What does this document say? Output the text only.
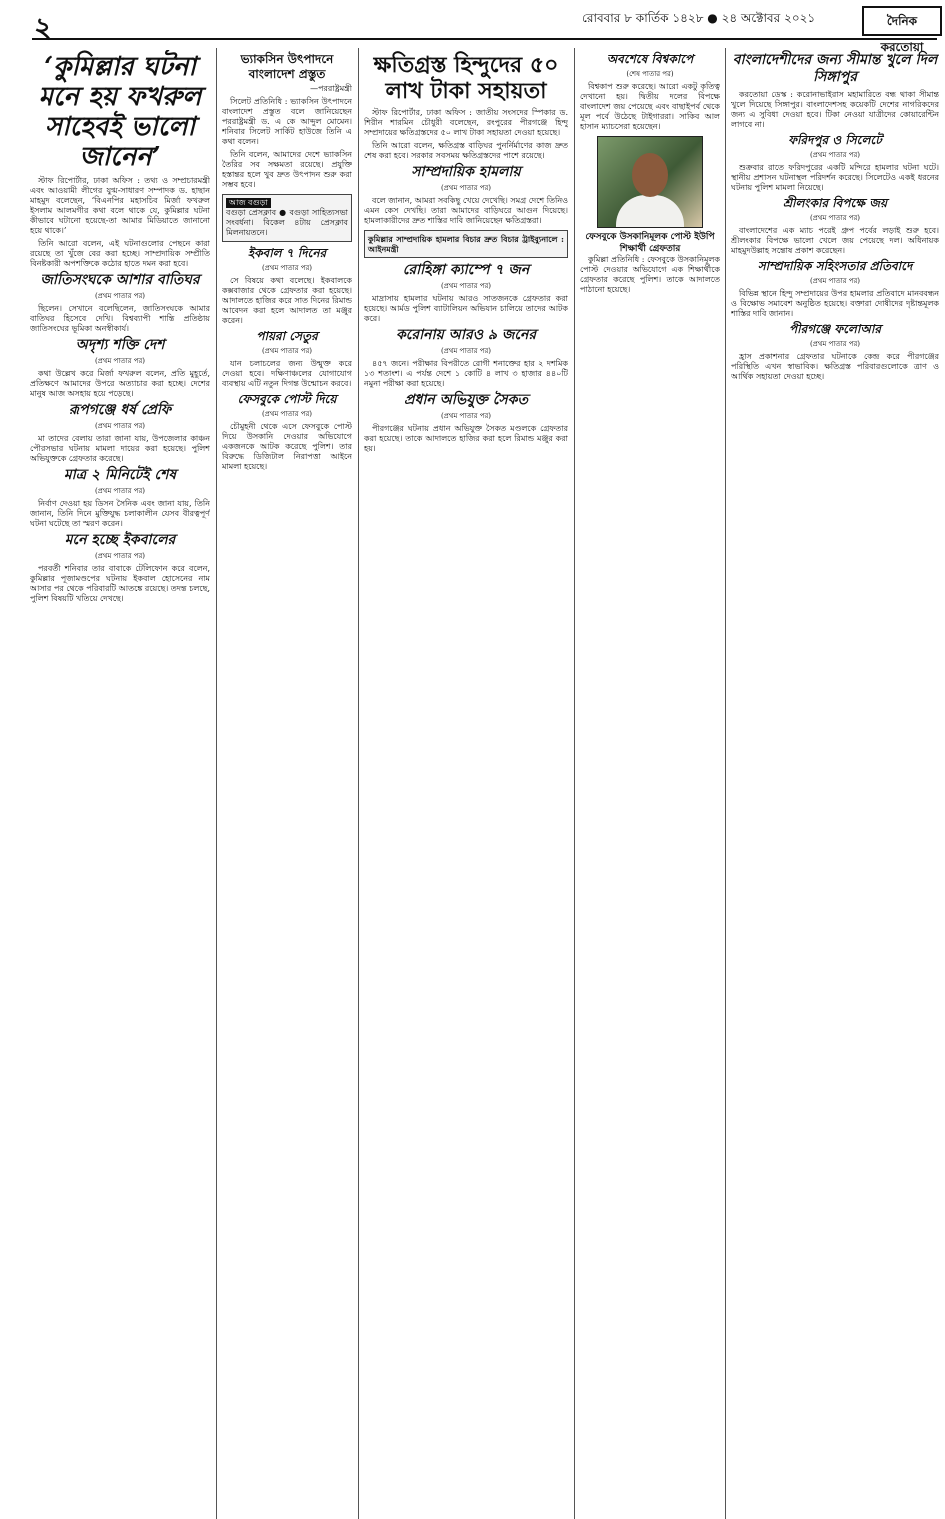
২	রোববার ৮ কার্তিক ১৪২৮ ● ২৪ অক্টোবর ২০২১	দৈনিক করতোয়া
‘কুমিল্লার ঘটনা মনে হয় ফখরুল সাহেবই ভালো জানেন’

স্টাফ রিপোর্টার, ঢাকা অফিস : তথ্য ও সম্প্রচারমন্ত্রী এবং আওয়ামী লীগের যুগ্ম-সাধারণ সম্পাদক ড. হাছান মাহমুদ বলেছেন, ‘বিএনপির মহাসচিব মির্জা ফখরুল ইসলাম আলমগীর কথা বলে থাকে যে, কুমিল্লার ঘটনা কীভাবে ঘটানো হয়েছে-তা আমার মিডিয়াতে জানানো হয়ে থাকে।’

তিনি আরো বলেন, এই ঘটনাগুলোর পেছনে কারা রয়েছে তা খুঁজে বের করা হচ্ছে। সাম্প্রদায়িক সম্প্রীতি বিনষ্টকারী অপশক্তিকে কঠোর হাতে দমন করা হবে।

জাতিসংঘকে আশার বাতিঘর
(প্রথম পাতার পর)

ছিলেন। সেখানে বলেছিলেন, জাতিসংঘকে আমার বাতিঘর হিসেবে দেখি। বিশ্বব্যাপী শান্তি প্রতিষ্ঠায় জাতিসংঘের ভূমিকা অনস্বীকার্য।

অদৃশ্য শক্তি দেশ
(প্রথম পাতার পর)

কথা উল্লেখ করে মির্জা ফখরুল বলেন, প্রতি মুহূর্তে, প্রতিক্ষণে আমাদের উপরে অত্যাচার করা হচ্ছে। দেশের মানুষ আজ অসহায় হয়ে পড়েছে।

রূপগঞ্জে ধর্ষ প্রেফি
(প্রথম পাতার পর)

মা তাদের বেলায় তারা জানা যায়, উপজেলার কাঞ্চন পৌরসভার ঘটনায় মামলা দায়ের করা হয়েছে। পুলিশ অভিযুক্তকে গ্রেফতার করেছে।

মাত্র ২ মিনিটেই শেষ
(প্রথম পাতার পর)

নির্বাণ দেওয়া হয় ডিসন সৈনিক এবং জানা যায়, তিনি জানান, তিনি দিনে মুক্তিযুদ্ধ চলাকালীন যেসব বীরত্বপূর্ণ ঘটনা ঘটেছে তা স্মরণ করেন।

মনে হচ্ছে ইকবালের
(প্রথম পাতার পর)

পরবর্তী শনিবার তার বাবাকে টেলিফোন করে বলেন, কুমিল্লার পূজামণ্ডপের ঘটনায় ইকবাল হোসেনের নাম আসার পর থেকে পরিবারটি আতঙ্কে রয়েছে। তদন্ত চলছে, পুলিশ বিষয়টি খতিয়ে দেখছে।

ভ্যাকসিন উৎপাদনে বাংলাদেশ প্রস্তুত
—পররাষ্ট্রমন্ত্রী

সিলেট প্রতিনিধি : ভ্যাকসিন উৎপাদনে বাংলাদেশ প্রস্তুত বলে জানিয়েছেন পররাষ্ট্রমন্ত্রী ড. এ কে আব্দুল মোমেন। শনিবার সিলেট সার্কিট হাউজে তিনি এ কথা বলেন।

তিনি বলেন, আমাদের দেশে ভ্যাকসিন তৈরির সব সক্ষমতা রয়েছে। প্রযুক্তি হস্তান্তর হলে খুব দ্রুত উৎপাদন শুরু করা সম্ভব হবে।

আজ বগুড়া
বগুড়া প্রেসক্লাব ● বগুড়া সাহিত্যসভা সংবর্ধনা। বিকেল ৪টায় প্রেসক্লাব মিলনায়তনে।
ইকবাল ৭ দিনের
(প্রথম পাতার পর)

সে বিষয়ে কথা বলেছে। ইকবালকে কক্সবাজার থেকে গ্রেফতার করা হয়েছে। আদালতে হাজির করে সাত দিনের রিমান্ড আবেদন করা হলে আদালত তা মঞ্জুর করেন।

পায়রা সেতুর
(প্রথম পাতার পর)

যান চলাচলের জন্য উন্মুক্ত করে দেওয়া হবে। দক্ষিণাঞ্চলের যোগাযোগ ব্যবস্থায় এটি নতুন দিগন্ত উন্মোচন করবে।

ফেসবুকে পোস্ট দিয়ে
(প্রথম পাতার পর)

চৌমুহনী থেকে এসে ফেসবুকে পোস্ট দিয়ে উসকানি দেওয়ার অভিযোগে একজনকে আটক করেছে পুলিশ। তার বিরুদ্ধে ডিজিটাল নিরাপত্তা আইনে মামলা হয়েছে।

ক্ষতিগ্রস্ত হিন্দুদের ৫০ লাখ টাকা সহায়তা

স্টাফ রিপোর্টার, ঢাকা অফিস : জাতীয় সংসদের স্পিকার ড. শিরীন শারমিন চৌধুরী বলেছেন, রংপুরের পীরগঞ্জে হিন্দু সম্প্রদায়ের ক্ষতিগ্রস্তদের ৫০ লাখ টাকা সহায়তা দেওয়া হয়েছে।

তিনি আরো বলেন, ক্ষতিগ্রস্ত বাড়িঘর পুনর্নির্মাণের কাজ দ্রুত শেষ করা হবে। সরকার সবসময় ক্ষতিগ্রস্তদের পাশে রয়েছে।

সাম্প্রদায়িক হামলায়
(প্রথম পাতার পর)

বলে জানান, আমরা সবকিছু খেয়ে দেখেছি। সমগ্র দেশে তিনিও এমন কেস দেখছি। তারা আমাদের বাড়িঘরে আগুন দিয়েছে। হামলাকারীদের দ্রুত শাস্তির দাবি জানিয়েছেন ক্ষতিগ্রস্তরা।

কুমিল্লার সাম্প্রদায়িক হামলার বিচার দ্রুত বিচার ট্রাইব্যুনালে : আইনমন্ত্রী
রোহিঙ্গা ক্যাম্পে ৭ জন
(প্রথম পাতার পর)

মাদ্রাসায় হামলার ঘটনায় আরও সাতজনকে গ্রেফতার করা হয়েছে। আর্মড পুলিশ ব্যাটালিয়ন অভিযান চালিয়ে তাদের আটক করে।

করোনায় আরও ৯ জনের
(প্রথম পাতার পর)

৪৫৭ জনে। পরীক্ষার বিপরীতে রোগী শনাক্তের হার ২ দশমিক ১৩ শতাংশ। এ পর্যন্ত দেশে ১ কোটি ৪ লাখ ৩ হাজার ৪৪০টি নমুনা পরীক্ষা করা হয়েছে।

প্রধান অভিযুক্ত সৈকত
(প্রথম পাতার পর)

পীরগঞ্জের ঘটনায় প্রধান অভিযুক্ত সৈকত মণ্ডলকে গ্রেফতার করা হয়েছে। তাকে আদালতে হাজির করা হলে রিমান্ড মঞ্জুর করা হয়।

অবশেষে বিশ্বকাপে
(শেষ পাতার পর)

বিশ্বকাপ শুরু করেছে। আরো একটু কৃতিত্ব দেখানো হয়। দ্বিতীয় দলের বিপক্ষে বাংলাদেশ জয় পেয়েছে এবং বাছাইপর্ব থেকে মূল পর্বে উঠেছে টাইগাররা। সাকিব আল হাসান ম্যাচসেরা হয়েছেন।

ফেসবুকে উসকানিমূলক পোস্ট ইউপি শিক্ষার্থী গ্রেফতার

কুমিল্লা প্রতিনিধি : ফেসবুকে উসকানিমূলক পোস্ট দেওয়ার অভিযোগে এক শিক্ষার্থীকে গ্রেফতার করেছে পুলিশ। তাকে আদালতে পাঠানো হয়েছে।

বাংলাদেশীদের জন্য সীমান্ত খুলে দিল সিঙ্গাপুর

করতোয়া ডেস্ক : করোনাভাইরাস মহামারিতে বন্ধ থাকা সীমান্ত খুলে দিয়েছে সিঙ্গাপুর। বাংলাদেশসহ কয়েকটি দেশের নাগরিকদের জন্য এ সুবিধা দেওয়া হবে। টিকা নেওয়া যাত্রীদের কোয়ারেন্টিন লাগবে না।

ফরিদপুর ও সিলেটে
(প্রথম পাতার পর)

শুক্রবার রাতে ফরিদপুরের একটি মন্দিরে হামলার ঘটনা ঘটে। স্থানীয় প্রশাসন ঘটনাস্থল পরিদর্শন করেছে। সিলেটেও একই ধরনের ঘটনায় পুলিশ মামলা নিয়েছে।

শ্রীলংকার বিপক্ষে জয়
(প্রথম পাতার পর)

বাংলাদেশের এক ম্যাচ পরেই গ্রুপ পর্বের লড়াই শুরু হবে। শ্রীলংকার বিপক্ষে ভালো খেলে জয় পেয়েছে দল। অধিনায়ক মাহমুদউল্লাহ সন্তোষ প্রকাশ করেছেন।

সাম্প্রদায়িক সহিংসতার প্রতিবাদে
(প্রথম পাতার পর)

বিভিন্ন স্থানে হিন্দু সম্প্রদায়ের উপর হামলার প্রতিবাদে মানববন্ধন ও বিক্ষোভ সমাবেশ অনুষ্ঠিত হয়েছে। বক্তারা দোষীদের দৃষ্টান্তমূলক শাস্তির দাবি জানান।

পীরগঞ্জে ফলোআর
(প্রথম পাতার পর)

হ্রাস প্রকাশনার গ্রেফতার ঘটনাকে কেন্দ্র করে পীরগঞ্জের পরিস্থিতি এখন স্বাভাবিক। ক্ষতিগ্রস্ত পরিবারগুলোকে ত্রাণ ও আর্থিক সহায়তা দেওয়া হচ্ছে।
